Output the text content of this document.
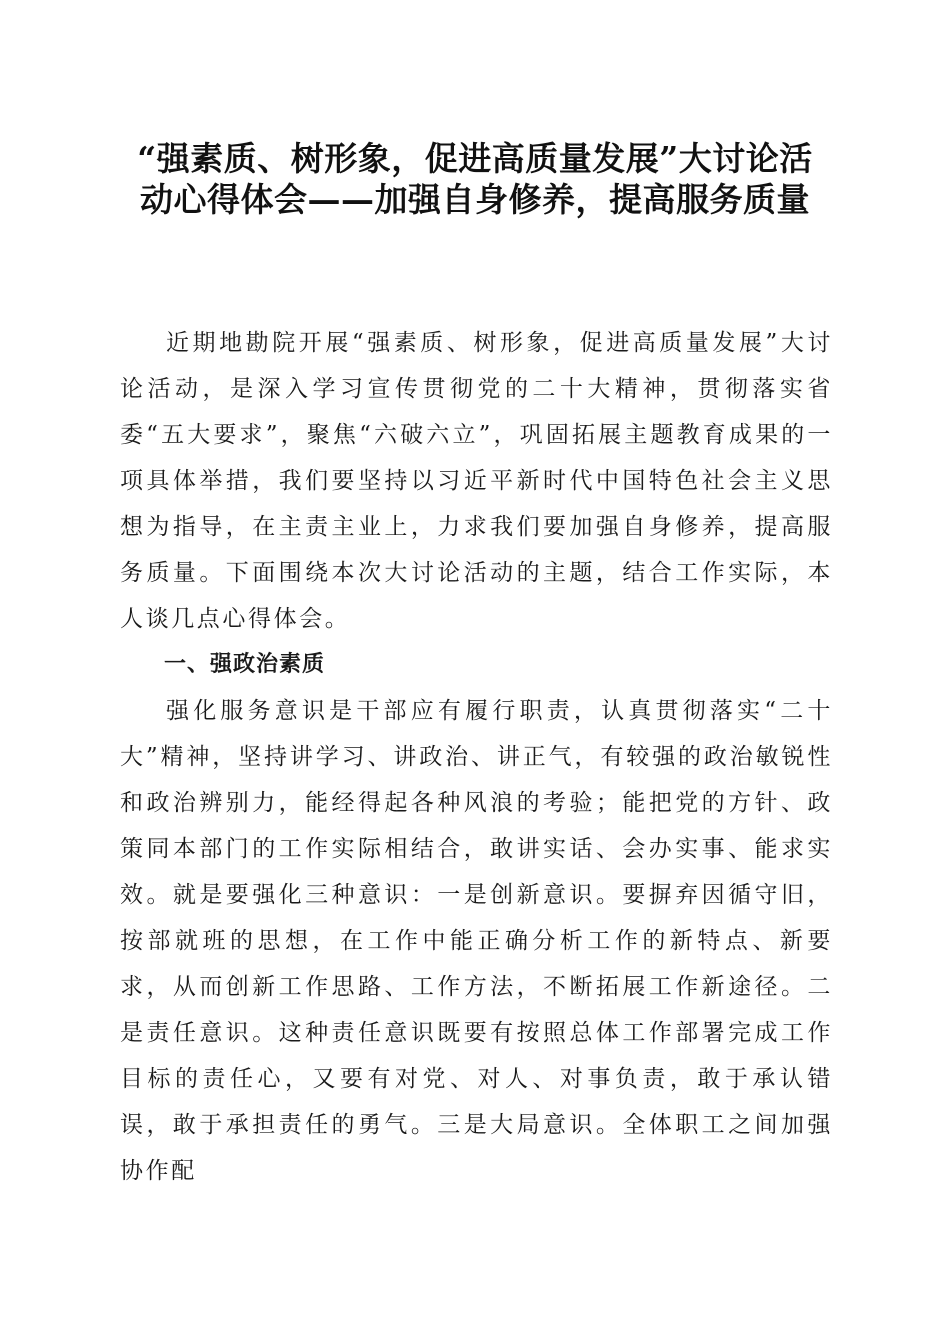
“强素质、树形象，促进高质量发展”大讨论活动心得体会——加强自身修养，提高服务质量

近期地勘院开展“强素质、树形象，促进高质量发展”大讨论活动，是深入学习宣传贯彻党的二十大精神，贯彻落实省委“五大要求”，聚焦“六破六立”，巩固拓展主题教育成果的一项具体举措，我们要坚持以习近平新时代中国特色社会主义思想为指导，在主责主业上，力求我们要加强自身修养，提高服务质量。下面围绕本次大讨论活动的主题，结合工作实际，本人谈几点心得体会。

一、强政治素质

强化服务意识是干部应有履行职责，认真贯彻落实“二十大”精神，坚持讲学习、讲政治、讲正气，有较强的政治敏锐性和政治辨别力，能经得起各种风浪的考验；能把党的方针、政策同本部门的工作实际相结合，敢讲实话、会办实事、能求实效。就是要强化三种意识：一是创新意识。要摒弃因循守旧，按部就班的思想，在工作中能正确分析工作的新特点、新要求，从而创新工作思路、工作方法，不断拓展工作新途径。二是责任意识。这种责任意识既要有按照总体工作部署完成工作目标的责任心，又要有对党、对人、对事负责，敢于承认错误，敢于承担责任的勇气。三是大局意识。全体职工之间加强协作配
